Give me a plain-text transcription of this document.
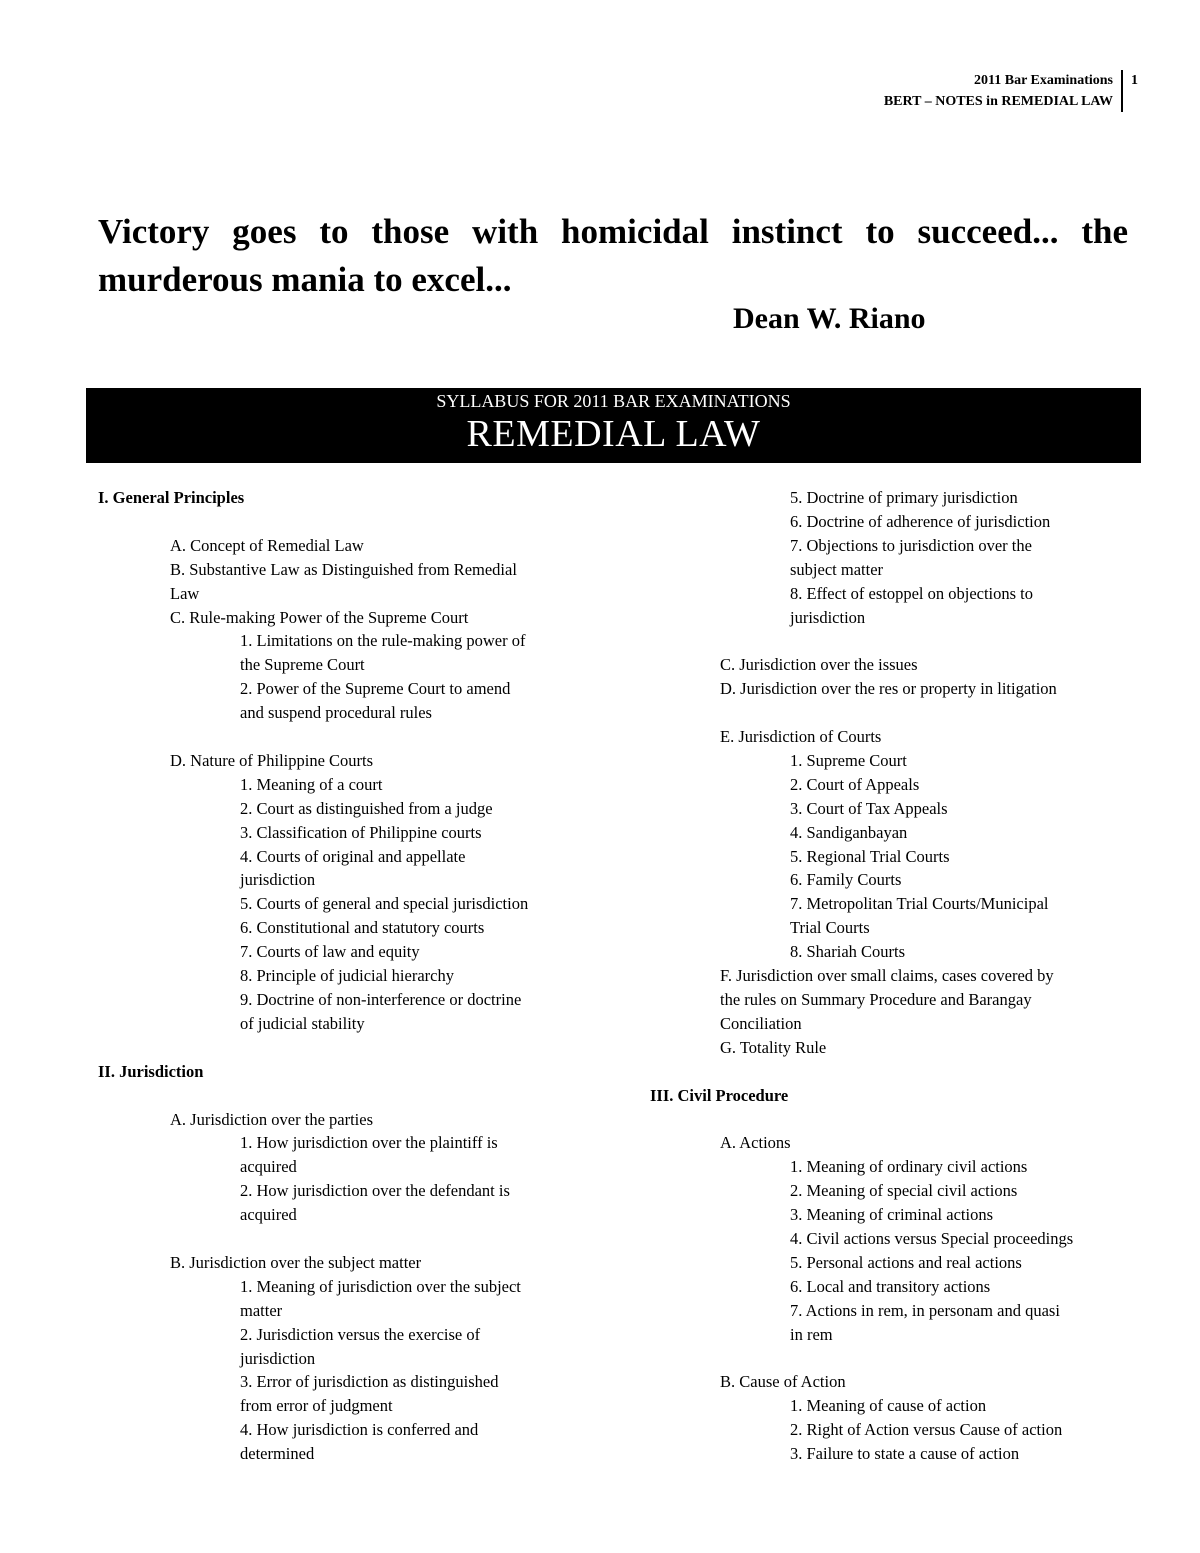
2011 Bar Examinations
BERT – NOTES in REMEDIAL LAW
1
Victory goes to those with homicidal instinct to succeed... the murderous mania to excel...
Dean W. Riano
SYLLABUS FOR 2011 BAR EXAMINATIONS
REMEDIAL LAW
I. General Principles
A. Concept of Remedial Law
B. Substantive Law as Distinguished from Remedial
Law
C. Rule-making Power of the Supreme Court
1. Limitations on the rule-making power of
the Supreme Court
2. Power of the Supreme Court to amend
and suspend procedural rules
D. Nature of Philippine Courts
1. Meaning of a court
2. Court as distinguished from a judge
3. Classification of Philippine courts
4. Courts of original and appellate
jurisdiction
5. Courts of general and special jurisdiction
6. Constitutional and statutory courts
7. Courts of law and equity
8. Principle of judicial hierarchy
9. Doctrine of non-interference or doctrine
of judicial stability
II. Jurisdiction
A. Jurisdiction over the parties
1. How jurisdiction over the plaintiff is
acquired
2. How jurisdiction over the defendant is
acquired
B. Jurisdiction over the subject matter
1. Meaning of jurisdiction over the subject
matter
2. Jurisdiction versus the exercise of
jurisdiction
3. Error of jurisdiction as distinguished
from error of judgment
4. How jurisdiction is conferred and
determined
5. Doctrine of primary jurisdiction
6. Doctrine of adherence of jurisdiction
7. Objections to jurisdiction over the
subject matter
8. Effect of estoppel on objections to
jurisdiction
C. Jurisdiction over the issues
D. Jurisdiction over the res or property in litigation
E. Jurisdiction of Courts
1. Supreme Court
2. Court of Appeals
3. Court of Tax Appeals
4. Sandiganbayan
5. Regional Trial Courts
6. Family Courts
7. Metropolitan Trial Courts/Municipal
Trial Courts
8. Shariah Courts
F. Jurisdiction over small claims, cases covered by
the rules on Summary Procedure and Barangay
Conciliation
G. Totality Rule
III. Civil Procedure
A. Actions
1. Meaning of ordinary civil actions
2. Meaning of special civil actions
3. Meaning of criminal actions
4. Civil actions versus Special proceedings
5. Personal actions and real actions
6. Local and transitory actions
7. Actions in rem, in personam and quasi
in rem
B. Cause of Action
1. Meaning of cause of action
2. Right of Action versus Cause of action
3. Failure to state a cause of action
